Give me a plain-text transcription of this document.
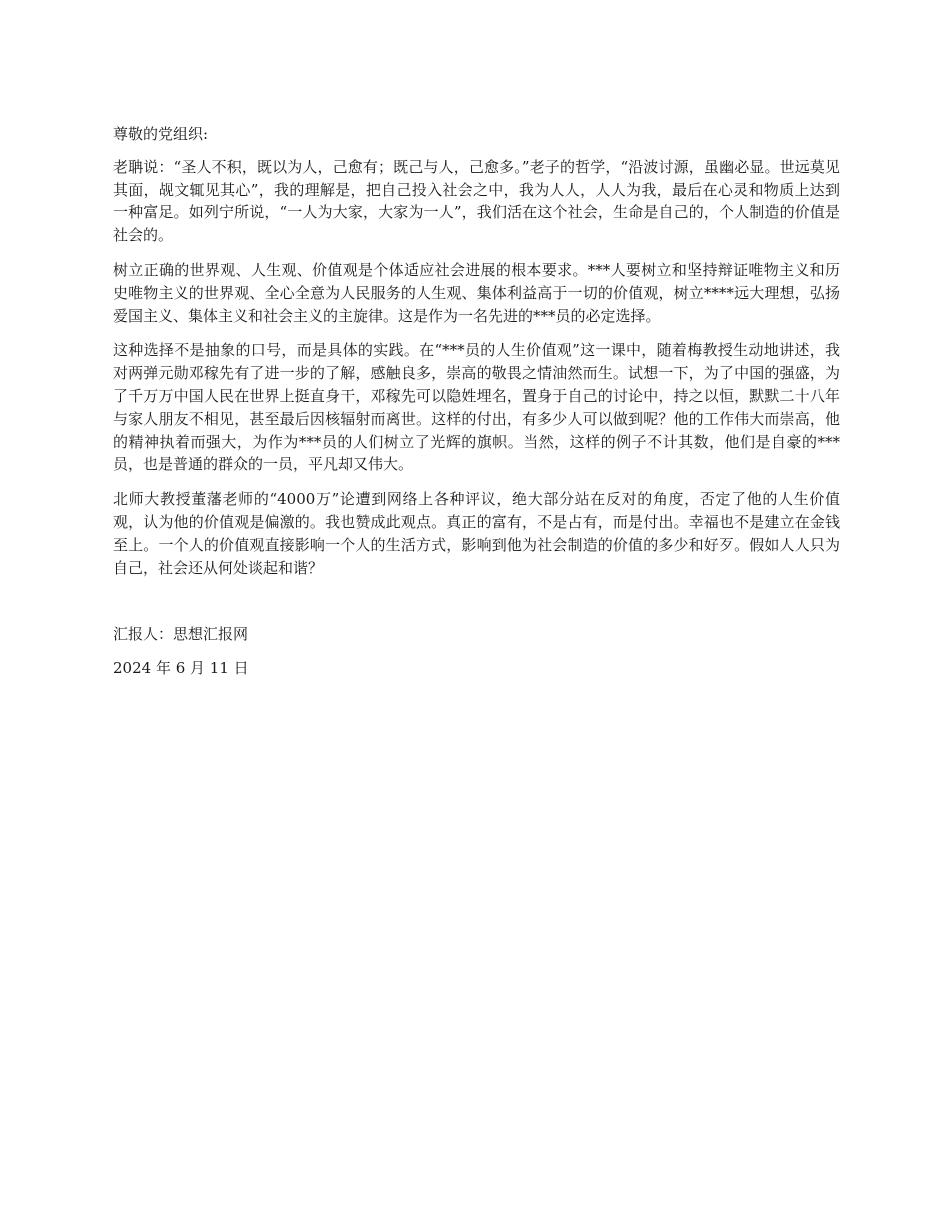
尊敬的党组织:

老聃说：“圣人不积，既以为人，己愈有；既己与人，己愈多。”老子的哲学，“沿波讨源，虽幽必显。世远莫见其面，觇文辄见其心”，我的理解是，把自己投入社会之中，我为人人，人人为我，最后在心灵和物质上达到一种富足。如列宁所说，“一人为大家，大家为一人”，我们活在这个社会，生命是自己的，个人制造的价值是社会的。

树立正确的世界观、人生观、价值观是个体适应社会进展的根本要求。***人要树立和坚持辩证唯物主义和历史唯物主义的世界观、全心全意为人民服务的人生观、集体利益高于一切的价值观，树立****远大理想，弘扬爱国主义、集体主义和社会主义的主旋律。这是作为一名先进的***员的必定选择。

这种选择不是抽象的口号，而是具体的实践。在“***员的人生价值观”这一课中，随着梅教授生动地讲述，我对两弹元勋邓稼先有了进一步的了解，感触良多，崇高的敬畏之情油然而生。试想一下，为了中国的强盛，为了千万万中国人民在世界上挺直身干，邓稼先可以隐姓埋名，置身于自己的讨论中，持之以恒，默默二十八年与家人朋友不相见，甚至最后因核辐射而离世。这样的付出，有多少人可以做到呢？他的工作伟大而崇高，他的精神执着而强大，为作为***员的人们树立了光辉的旗帜。当然，这样的例子不计其数，他们是自豪的***员，也是普通的群众的一员，平凡却又伟大。

北师大教授董藩老师的“4000万”论遭到网络上各种评议，绝大部分站在反对的角度，否定了他的人生价值观，认为他的价值观是偏激的。我也赞成此观点。真正的富有，不是占有，而是付出。幸福也不是建立在金钱至上。一个人的价值观直接影响一个人的生活方式，影响到他为社会制造的价值的多少和好歹。假如人人只为自己，社会还从何处谈起和谐？

汇报人：思想汇报网

2024 年 6 月 11 日
